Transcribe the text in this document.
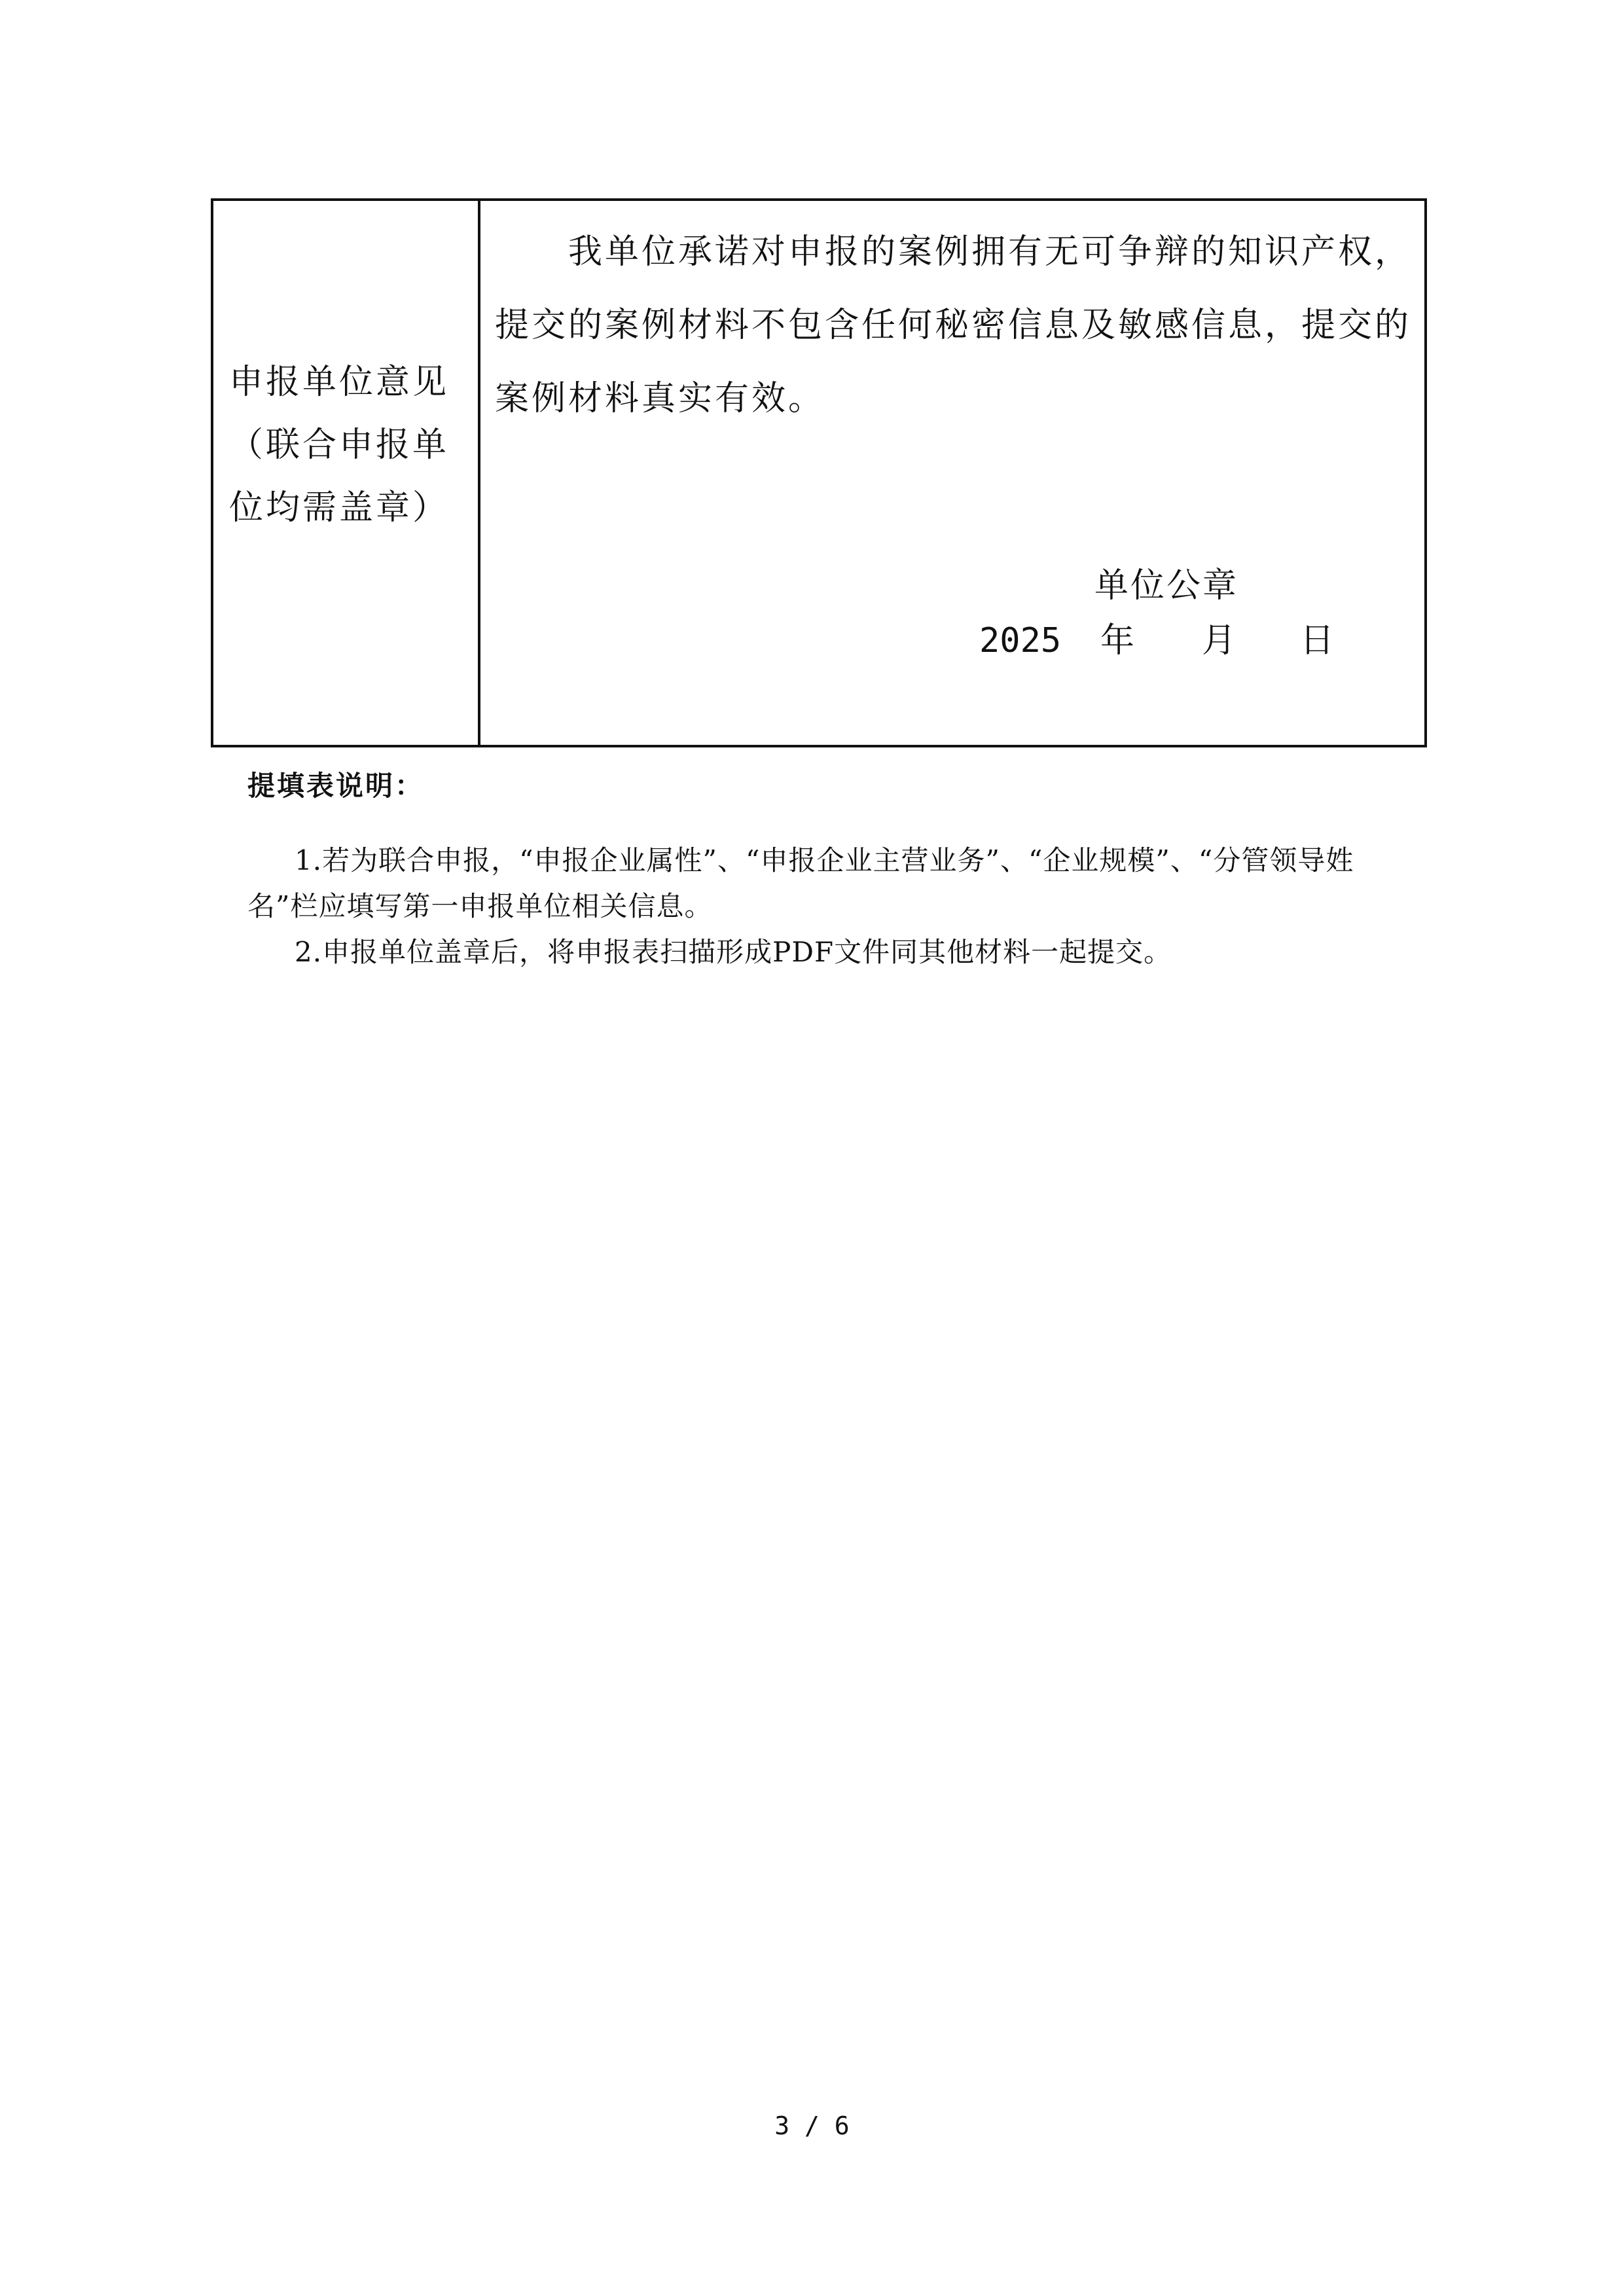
申报单位意见（联合申报单位均需盖章）

我单位承诺对申报的案例拥有无可争辩的知识产权，提交的案例材料不包含任何秘密信息及敏感信息，提交的案例材料真实有效。

单位公章
2025 年 月 日
提填表说明：

1.若为联合申报，“申报企业属性”、“申报企业主营业务”、“企业规模”、“分管领导姓名”栏应填写第一申报单位相关信息。

2.申报单位盖章后，将申报表扫描形成PDF文件同其他材料一起提交。

3 / 6
